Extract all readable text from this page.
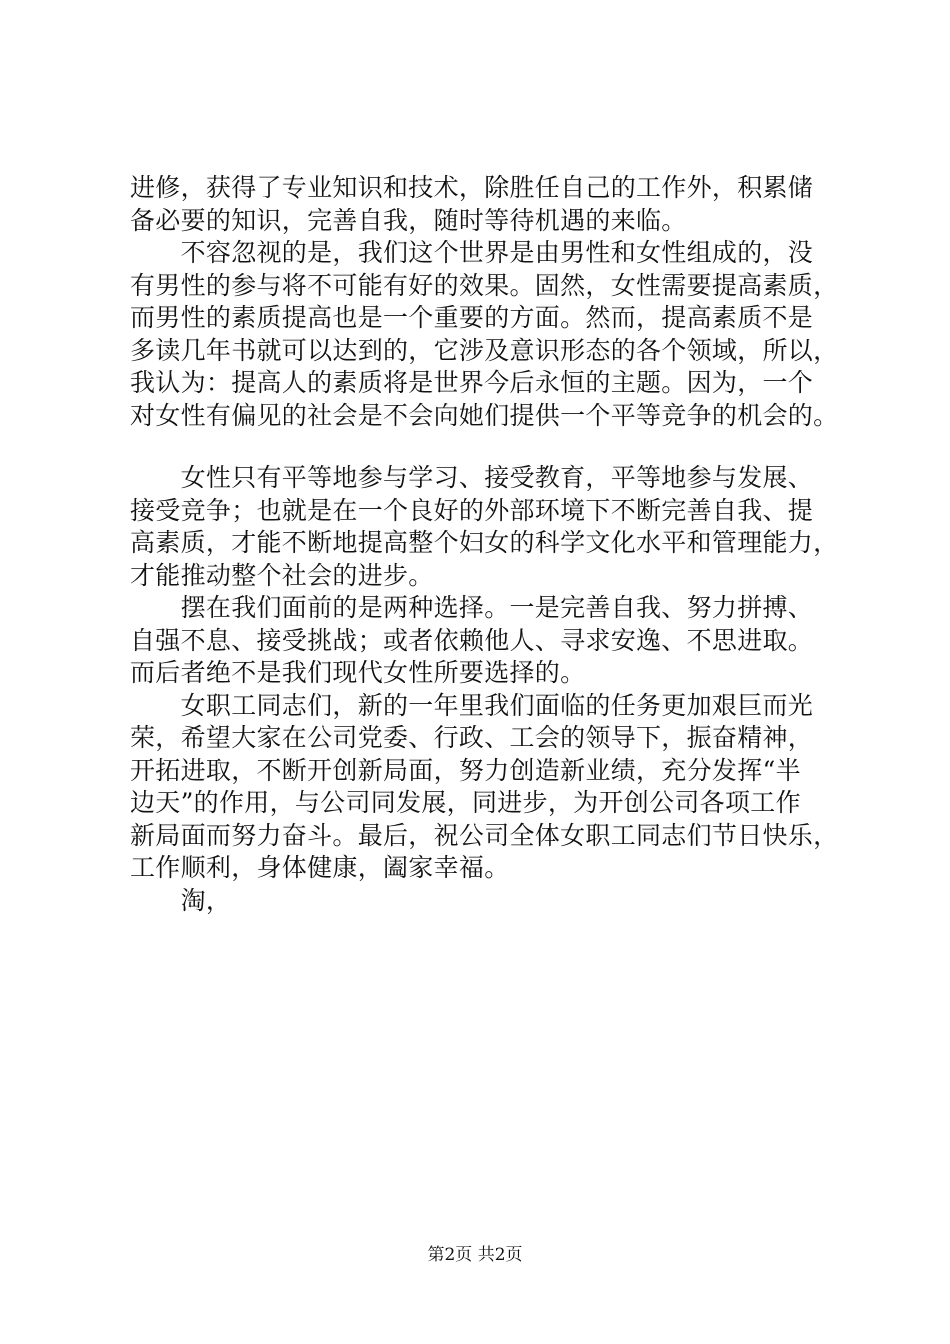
进修，获得了专业知识和技术，除胜任自己的工作外，积累储
备必要的知识，完善自我，随时等待机遇的来临。
　　不容忽视的是，我们这个世界是由男性和女性组成的，没
有男性的参与将不可能有好的效果。固然，女性需要提高素质，
而男性的素质提高也是一个重要的方面。然而，提高素质不是
多读几年书就可以达到的，它涉及意识形态的各个领域，所以，
我认为：提高人的素质将是世界今后永恒的主题。因为，一个
对女性有偏见的社会是不会向她们提供一个平等竞争的机会的。
　　女性只有平等地参与学习、接受教育，平等地参与发展、
接受竞争；也就是在一个良好的外部环境下不断完善自我、提
高素质，才能不断地提高整个妇女的科学文化水平和管理能力，
才能推动整个社会的进步。
　　摆在我们面前的是两种选择。一是完善自我、努力拼搏、
自强不息、接受挑战；或者依赖他人、寻求安逸、不思进取。
而后者绝不是我们现代女性所要选择的。
　　女职工同志们，新的一年里我们面临的任务更加艰巨而光
荣，希望大家在公司党委、行政、工会的领导下，振奋精神，
开拓进取，不断开创新局面，努力创造新业绩，充分发挥“半
边天”的作用，与公司同发展，同进步，为开创公司各项工作
新局面而努力奋斗。最后，祝公司全体女职工同志们节日快乐，
工作顺利，身体健康，阖家幸福。
　　淘，
第2页 共2页
